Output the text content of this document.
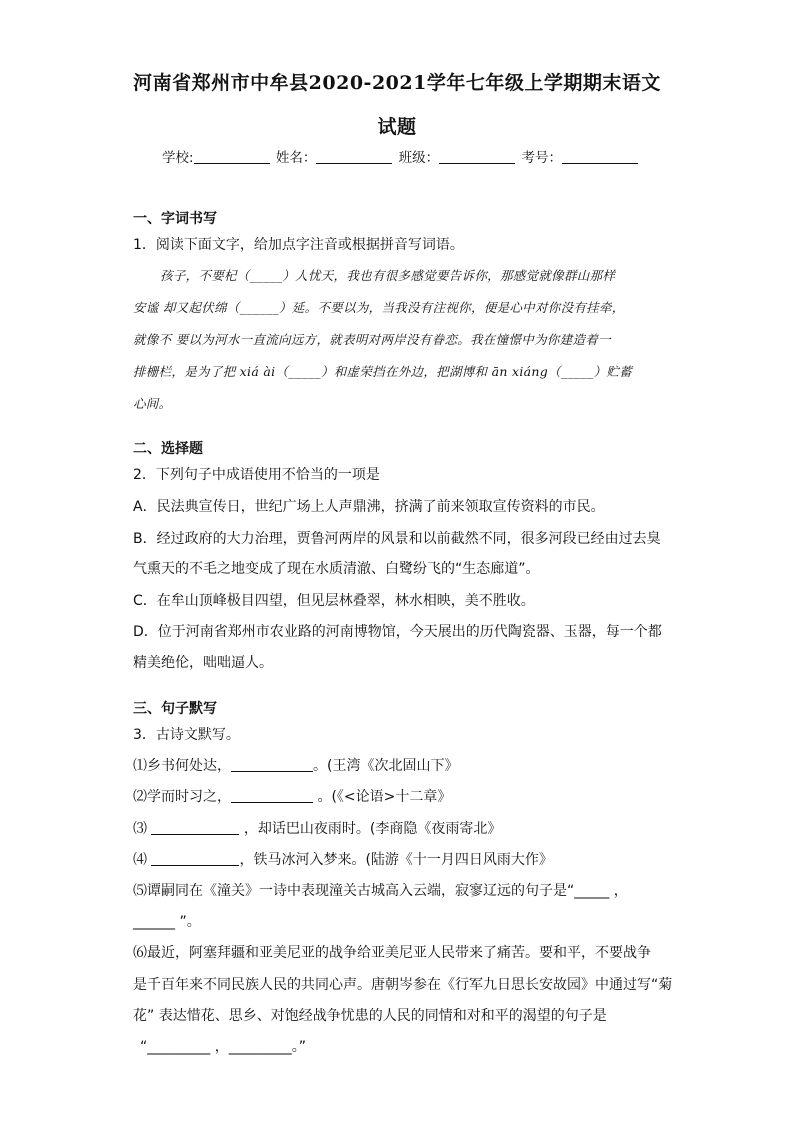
河南省郑州市中牟县2020-2021学年七年级上学期期末语文
试题
学校:	姓名：	班级：	考号：
一、字词书写
1．阅读下面文字，给加点字注音或根据拼音写词语。
孩子，不要杞（_____）人忧天，我也有很多感觉要告诉你，那感觉就像群山那样
安谧 却又起伏绵（______）延。不要以为，当我没有注视你，便是心中对你没有挂牵，
就像不 要以为河水一直流向远方，就表明对两岸没有眷恋。我在憧憬中为你建造着一
排栅栏，是为了把 xiá ài（_____）和虚荣挡在外边，把湖博和 ān xiáng（_____）贮蓄
心间。
二、选择题
2．下列句子中成语使用不恰当的一项是
A．民法典宣传日，世纪广场上人声鼎沸，挤满了前来领取宣传资料的市民。
B．经过政府的大力治理，贾鲁河两岸的风景和以前截然不同，很多河段已经由过去臭
气熏天的不毛之地变成了现在水质清澈、白鹭纷飞的“生态廊道”。
C．在牟山顶峰极目四望，但见层林叠翠，林水相映，美不胜收。
D．位于河南省郑州市农业路的河南博物馆，今天展出的历代陶瓷器、玉器，每一个都
精美绝伦，咄咄逼人。
三、句子默写
3．古诗文默写。
⑴乡书何处达，	。(王湾《次北固山下》
⑵学而时习之，	。(《<论语>十二章》
⑶	，却话巴山夜雨时。(李商隐《夜雨寄北》
⑷	，铁马冰河入梦来。(陆游《十一月四日风雨大作》
⑸谭嗣同在《潼关》一诗中表现潼关古城高入云端，寂寥辽远的句子是“_____ ，
______ ”。
⑹最近，阿塞拜疆和亚美尼亚的战争给亚美尼亚人民带来了痛苦。要和平，不要战争
是千百年来不同民族人民的共同心声。唐朝岑参在《行军九日思长安故园》中通过写“菊
花” 表达惜花、思乡、对饱经战争忧患的人民的同情和对和平的渴望的句子是
“_________ ，_________。”
